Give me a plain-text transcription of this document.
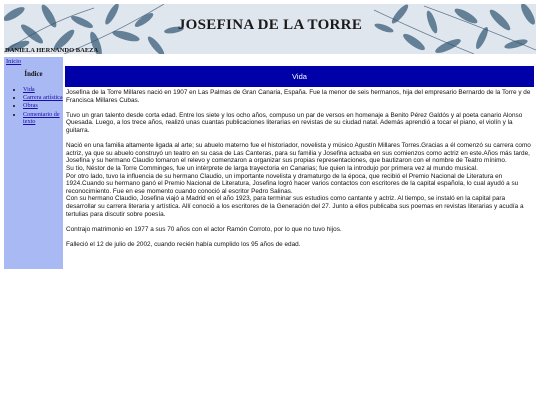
JOSEFINA DE LA TORRE
DANIELA HERNANDO BAEZA
Inicio
Índice
• Vida
• Carrera artística
• Obras
• Comentario de texto
Vida

Josefina de la Torre Millares nació en 1907 en Las Palmas de Gran Canaria, España. Fue la menor de seis hermanos, hija del empresario Bernardo de la Torre y de Francisca Millares Cubas.

Tuvo un gran talento desde corta edad. Entre los siete y los ocho años, compuso un par de versos en homenaje a Benito Pérez Galdós y al poeta canario Alonso Quesada. Luego, a los trece años, realizó unas cuantas publicaciones literarias en revistas de su ciudad natal. Además aprendió a tocar el piano, el violín y la guitarra.

Nació en una familia altamente ligada al arte; su abuelo materno fue el historiador, novelista y músico Agustín Millares Torres.Gracias a él comenzó su carrera como actriz, ya que su abuelo construyó un teatro en su casa de Las Canteras, para su familia y Josefina actuaba en sus comienzos como actriz en este.Años más tarde, Josefina y su hermano Claudio tomaron el relevo y comenzaron a organizar sus propias representaciones, que bautizaron con el nombre de Teatro mínimo.
Su tío, Néstor de la Torre Comminges, fue un intérprete de larga trayectoria en Canarias; fue quien la introdujo por primera vez al mundo musical.
Por otro lado, tuvo la influencia de su hermano Claudio, un importante novelista y dramaturgo de la época, que recibió el Premio Nacional de Literatura en 1924.Cuando su hermano ganó el Premio Nacional de Literatura, Josefina logró hacer varios contactos con escritores de la capital española, lo cual ayudó a su reconocimiento. Fue en ese momento cuando conoció al escritor Pedro Salinas.
Con su hermano Claudio, Josefina viajó a Madrid en el año 1923, para terminar sus estudios como cantante y actriz. Al tiempo, se instaló en la capital para desarrollar su carrera literaria y artística. Allí conoció a los escritores de la Generación del 27. Junto a ellos publicaba sus poemas en revistas literarias y acudía a tertulias para discutir sobre poesía.

Contrajo matrimonio en 1977 a sus 70 años con el actor Ramón Corroto, por lo que no tuvo hijos.

Falleció el 12 de julio de 2002, cuando recién había cumplido los 95 años de edad.
